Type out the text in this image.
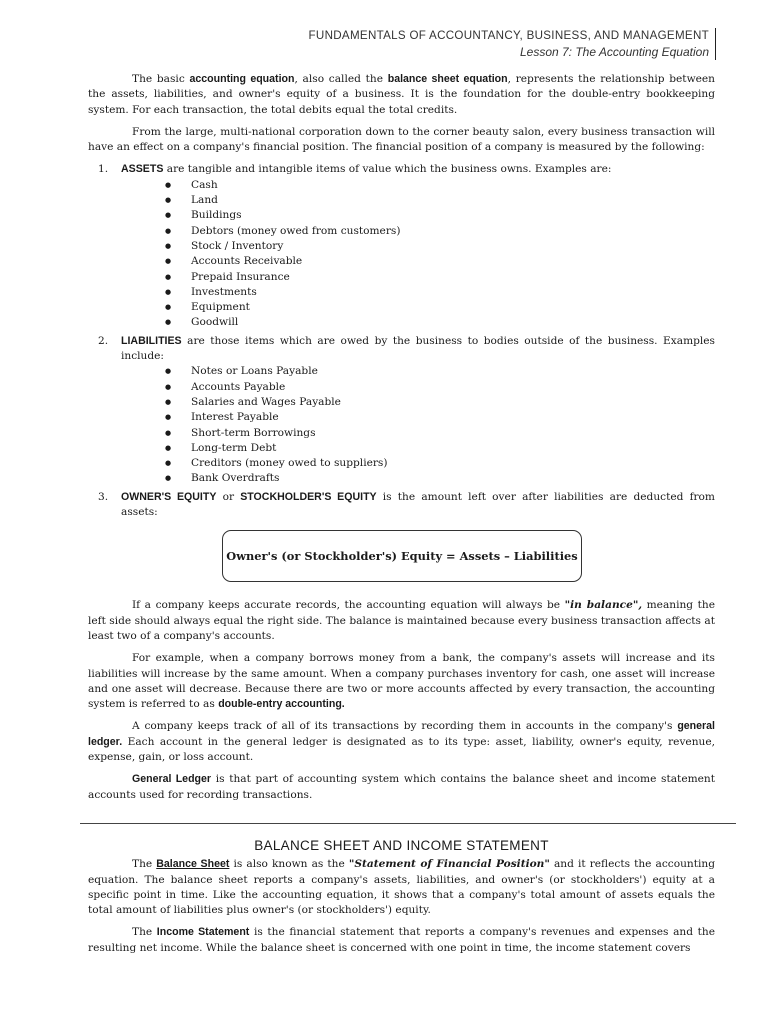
FUNDAMENTALS OF ACCOUNTANCY, BUSINESS, AND MANAGEMENT
Lesson 7: The Accounting Equation

The basic accounting equation, also called the balance sheet equation, represents the relationship between the assets, liabilities, and owner's equity of a business. It is the foundation for the double-entry bookkeeping system. For each transaction, the total debits equal the total credits.

From the large, multi-national corporation down to the corner beauty salon, every business transaction will have an effect on a company's financial position. The financial position of a company is measured by the following:

1. ASSETS are tangible and intangible items of value which the business owns. Examples are:
● Cash
● Land
● Buildings
● Debtors (money owed from customers)
● Stock / Inventory
● Accounts Receivable
● Prepaid Insurance
● Investments
● Equipment
● Goodwill
2. LIABILITIES are those items which are owed by the business to bodies outside of the business. Examples include:
● Notes or Loans Payable
● Accounts Payable
● Salaries and Wages Payable
● Interest Payable
● Short-term Borrowings
● Long-term Debt
● Creditors (money owed to suppliers)
● Bank Overdrafts
3. OWNER'S EQUITY or STOCKHOLDER'S EQUITY is the amount left over after liabilities are deducted from assets:
Owner's (or Stockholder's) Equity = Assets – Liabilities

If a company keeps accurate records, the accounting equation will always be "in balance", meaning the left side should always equal the right side. The balance is maintained because every business transaction affects at least two of a company's accounts.

For example, when a company borrows money from a bank, the company's assets will increase and its liabilities will increase by the same amount. When a company purchases inventory for cash, one asset will increase and one asset will decrease. Because there are two or more accounts affected by every transaction, the accounting system is referred to as double-entry accounting.

A company keeps track of all of its transactions by recording them in accounts in the company's general ledger. Each account in the general ledger is designated as to its type: asset, liability, owner's equity, revenue, expense, gain, or loss account.

General Ledger is that part of accounting system which contains the balance sheet and income statement accounts used for recording transactions.

BALANCE SHEET AND INCOME STATEMENT

The Balance Sheet is also known as the "Statement of Financial Position" and it reflects the accounting equation. The balance sheet reports a company's assets, liabilities, and owner's (or stockholders') equity at a specific point in time. Like the accounting equation, it shows that a company's total amount of assets equals the total amount of liabilities plus owner's (or stockholders') equity.

The Income Statement is the financial statement that reports a company's revenues and expenses and the resulting net income. While the balance sheet is concerned with one point in time, the income statement covers
